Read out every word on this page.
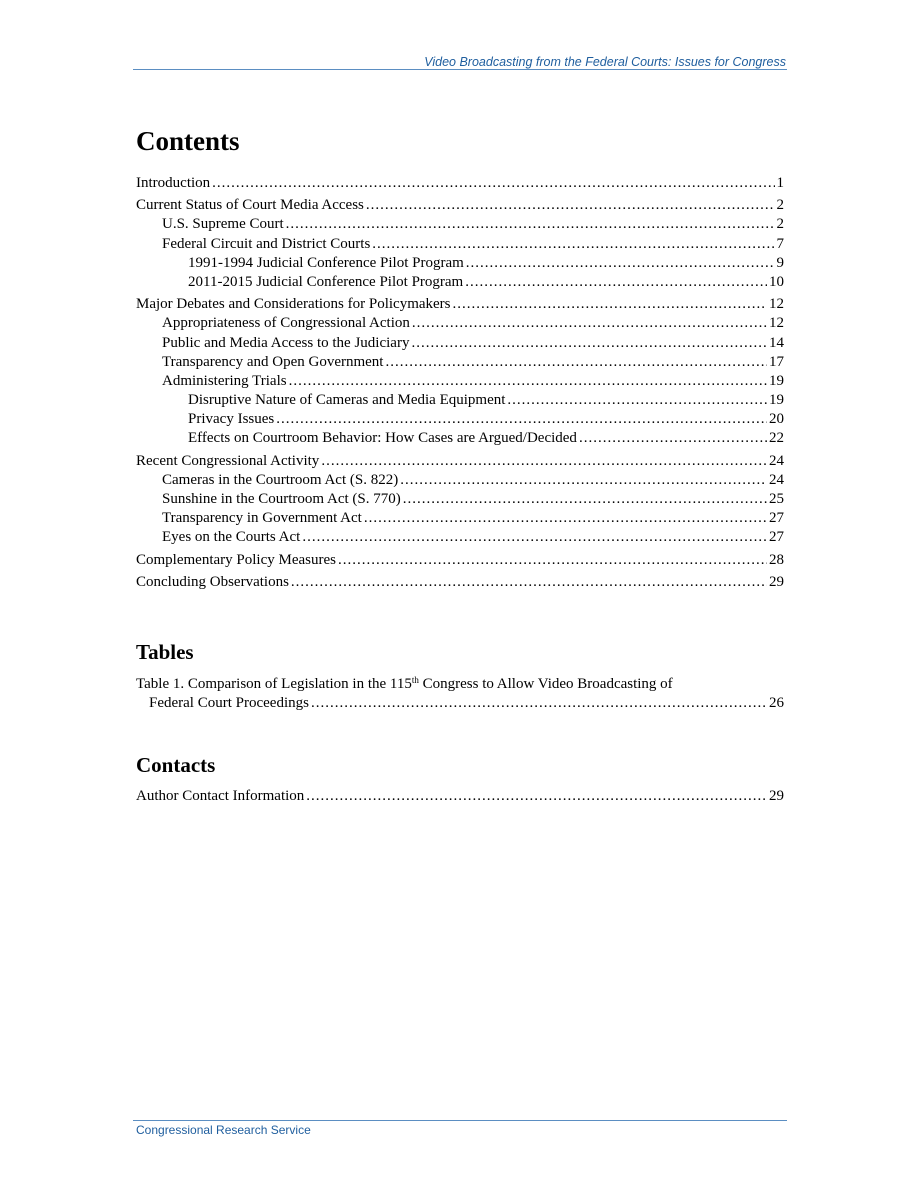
Video Broadcasting from the Federal Courts: Issues for Congress
Contents
Introduction .....	1
Current Status of Court Media Access .....	2
U.S. Supreme Court .....	2
Federal Circuit and District Courts .....	7
1991-1994 Judicial Conference Pilot Program .....	9
2011-2015 Judicial Conference Pilot Program .....	10
Major Debates and Considerations for Policymakers .....	12
Appropriateness of Congressional Action .....	12
Public and Media Access to the Judiciary .....	14
Transparency and Open Government .....	17
Administering Trials .....	19
Disruptive Nature of Cameras and Media Equipment .....	19
Privacy Issues .....	20
Effects on Courtroom Behavior: How Cases are Argued/Decided .....	22
Recent Congressional Activity .....	24
Cameras in the Courtroom Act (S. 822) .....	24
Sunshine in the Courtroom Act (S. 770) .....	25
Transparency in Government Act .....	27
Eyes on the Courts Act .....	27
Complementary Policy Measures .....	28
Concluding Observations .....	29
Tables
Table 1. Comparison of Legislation in the 115th Congress to Allow Video Broadcasting of
Federal Court Proceedings .....	26
Contacts
Author Contact Information .....	29
Congressional Research Service
